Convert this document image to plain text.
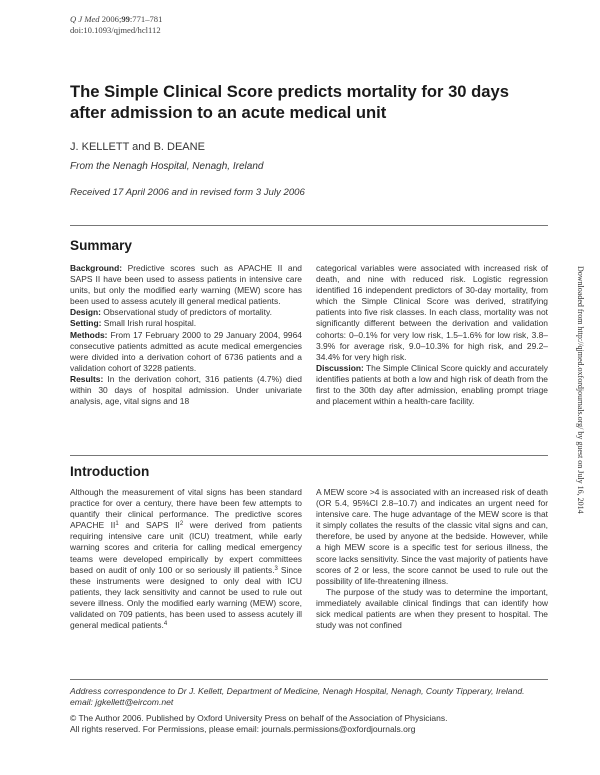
Q J Med 2006;99:771–781
doi:10.1093/qjmed/hcl112
The Simple Clinical Score predicts mortality for 30 days after admission to an acute medical unit
J. KELLETT and B. DEANE
From the Nenagh Hospital, Nenagh, Ireland
Received 17 April 2006 and in revised form 3 July 2006
Summary

Background: Predictive scores such as APACHE II and SAPS II have been used to assess patients in intensive care units, but only the modified early warning (MEW) score has been used to assess acutely ill general medical patients.

Design: Observational study of predictors of mortality.

Setting: Small Irish rural hospital.

Methods: From 17 February 2000 to 29 January 2004, 9964 consecutive patients admitted as acute medical emergencies were divided into a derivation cohort of 6736 patients and a validation cohort of 3228 patients.

Results: In the derivation cohort, 316 patients (4.7%) died within 30 days of hospital admission. Under univariate analysis, age, vital signs and 18

categorical variables were associated with increased risk of death, and nine with reduced risk. Logistic regression identified 16 independent predictors of 30-day mortality, from which the Simple Clinical Score was derived, stratifying patients into five risk classes. In each class, mortality was not significantly different between the derivation and validation cohorts: 0–0.1% for very low risk, 1.5–1.6% for low risk, 3.8–3.9% for average risk, 9.0–10.3% for high risk, and 29.2–34.4% for very high risk.

Discussion: The Simple Clinical Score quickly and accurately identifies patients at both a low and high risk of death from the first to the 30th day after admission, enabling prompt triage and placement within a health-care facility.

Introduction

Although the measurement of vital signs has been standard practice for over a century, there have been few attempts to quantify their clinical performance. The predictive scores APACHE $II^1$ and SAPS $II^2$ were derived from patients requiring intensive care unit (ICU) treatment, while early warning scores and criteria for calling medical emergency teams were developed empirically by expert committees based on audit of only 100 or so seriously ill patients.$^3$ Since these instruments were designed to only deal with ICU patients, they lack sensitivity and cannot be used to rule out severe illness. Only the modified early warning (MEW) score, validated on 709 patients, has been used to assess acutely ill general medical patients.$^4$

A MEW score >4 is associated with an increased risk of death (OR 5.4, 95%CI 2.8–10.7) and indicates an urgent need for intensive care. The huge advantage of the MEW score is that it simply collates the results of the classic vital signs and can, therefore, be used by anyone at the bedside. However, while a high MEW score is a specific test for serious illness, the score lacks sensitivity. Since the vast majority of patients have scores of 2 or less, the score cannot be used to rule out the possibility of life-threatening illness.

The purpose of the study was to determine the important, immediately available clinical findings that can identify how sick medical patients are when they present to hospital. The study was not confined

Address correspondence to Dr J. Kellett, Department of Medicine, Nenagh Hospital, Nenagh, County Tipperary, Ireland. email: jgkellett@eircom.net
© The Author 2006. Published by Oxford University Press on behalf of the Association of Physicians.
All rights reserved. For Permissions, please email: journals.permissions@oxfordjournals.org
Downloaded from http://qjmed.oxfordjournals.org/ by guest on July 16, 2014
